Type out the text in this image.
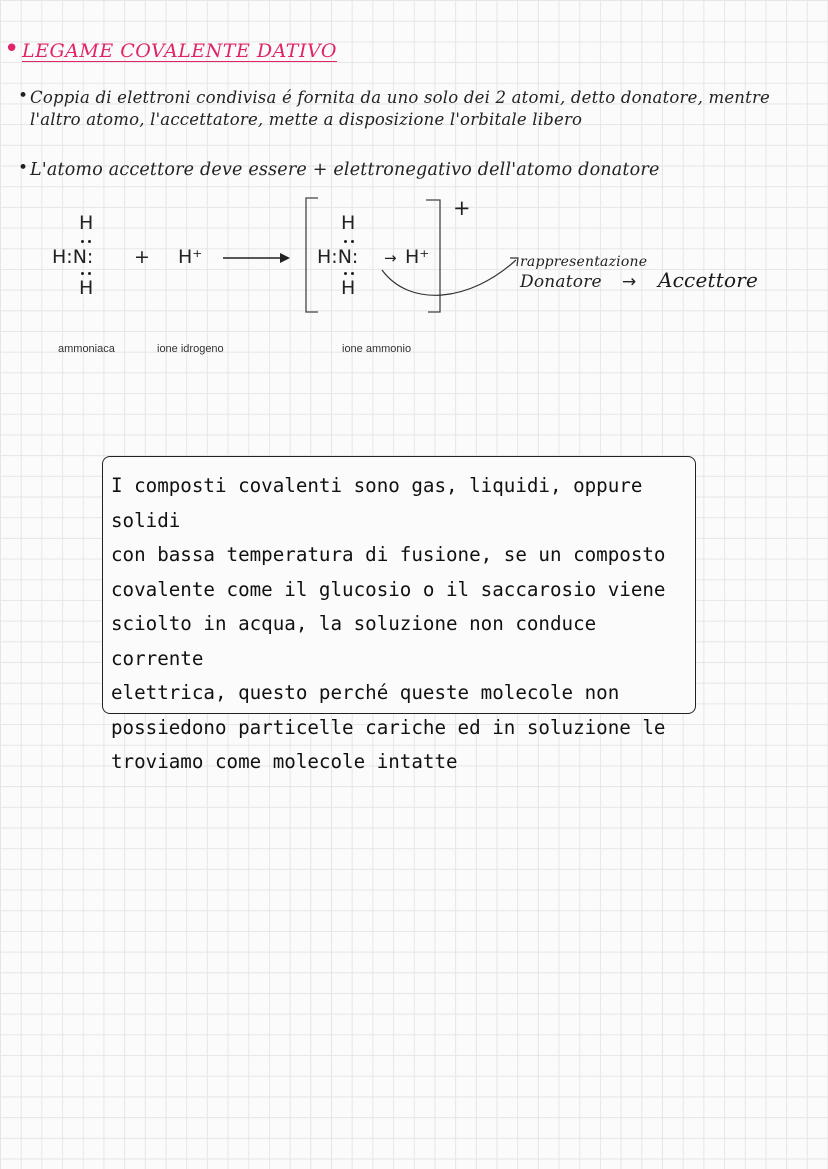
• LEGAME COVALENTE DATIVO
• Coppia di elettroni condivisa é fornita da uno solo dei 2 atomi, detto donatore, mentre
l'altro atomo, l'accettatore, mette a disposizione l'orbitale libero
• L'atomo accettore deve essere + elettronegativo dell'atomo donatore
H
H:N:
H
ammoniaca
+ H⁺
ione idrogeno
H
H:N: → H⁺
H
+
ione ammonio
rappresentazione
Donatore → Accettore
I composti covalenti sono gas, liquidi, oppure solidi
con bassa temperatura di fusione, se un composto
covalente come il glucosio o il saccarosio viene
sciolto in acqua, la soluzione non conduce corrente
elettrica, questo perché queste molecole non
possiedono particelle cariche ed in soluzione le
troviamo come molecole intatte
